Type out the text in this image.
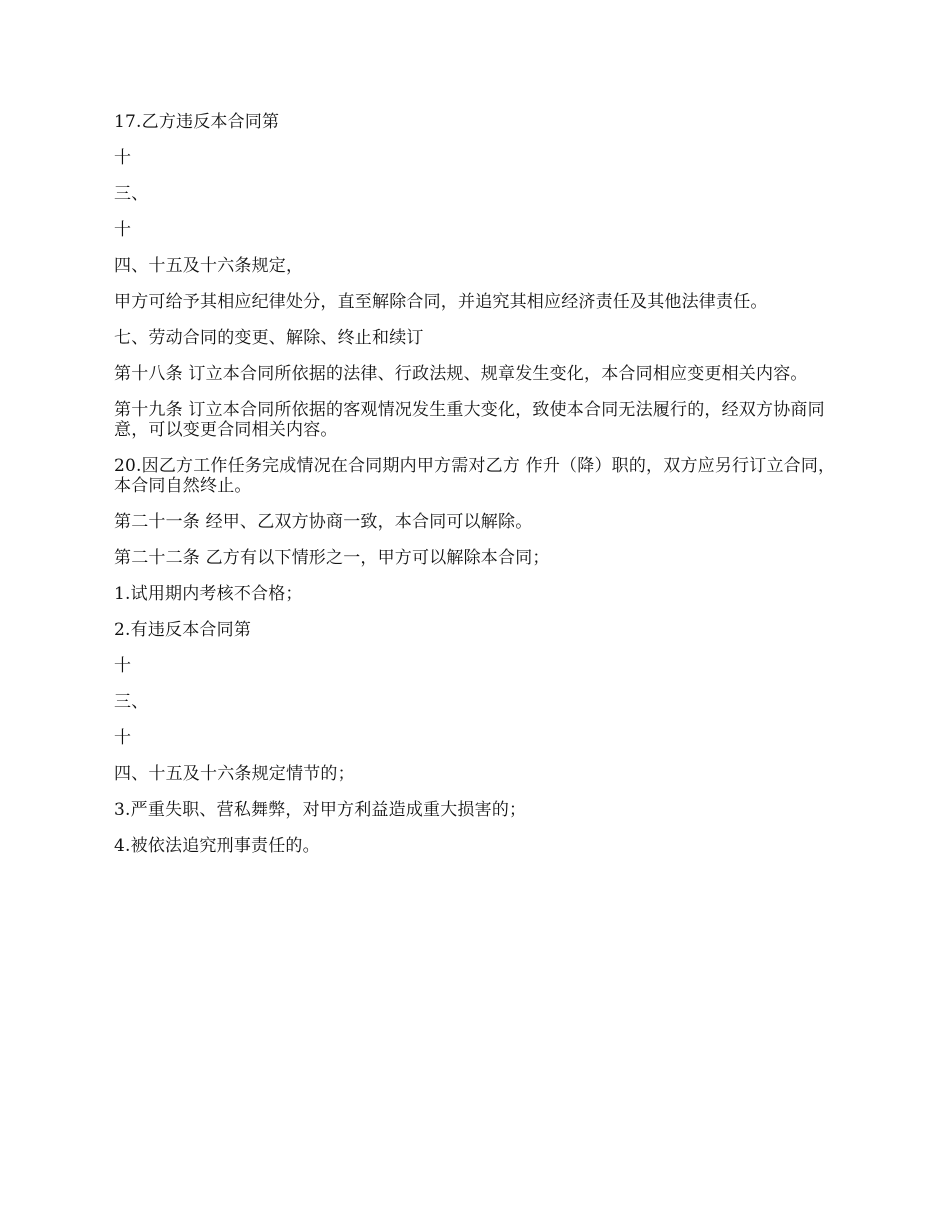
17.乙方违反本合同第

十

三、

十

四、十五及十六条规定，

甲方可给予其相应纪律处分，直至解除合同，并追究其相应经济责任及其他法律责任。

七、劳动合同的变更、解除、终止和续订

第十八条 订立本合同所依据的法律、行政法规、规章发生变化，本合同相应变更相关内容。

第十九条 订立本合同所依据的客观情况发生重大变化，致使本合同无法履行的，经双方协商同意，可以变更合同相关内容。

20.因乙方工作任务完成情况在合同期内甲方需对乙方 作升（降）职的，双方应另行订立合同，本合同自然终止。

第二十一条 经甲、乙双方协商一致，本合同可以解除。

第二十二条 乙方有以下情形之一，甲方可以解除本合同；

1.试用期内考核不合格；

2.有违反本合同第

十

三、

十

四、十五及十六条规定情节的；

3.严重失职、营私舞弊，对甲方利益造成重大损害的；

4.被依法追究刑事责任的。
